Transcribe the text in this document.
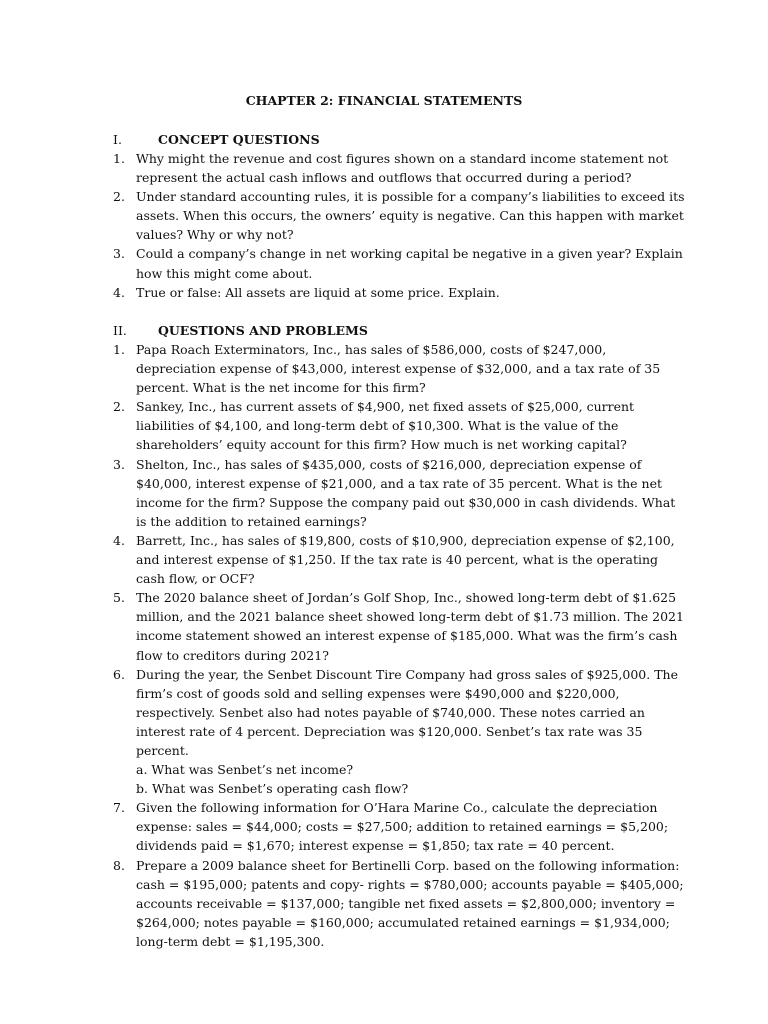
CHAPTER 2: FINANCIAL STATEMENTS
I.	CONCEPT QUESTIONS
1. Why might the revenue and cost figures shown on a standard income statement not represent the actual cash inflows and outflows that occurred during a period?
2. Under standard accounting rules, it is possible for a company’s liabilities to exceed its assets. When this occurs, the owners’ equity is negative. Can this happen with market values? Why or why not?
3. Could a company’s change in net working capital be negative in a given year? Explain how this might come about.
4. True or false: All assets are liquid at some price. Explain.
II. QUESTIONS AND PROBLEMS
1. Papa Roach Exterminators, Inc., has sales of $586,000, costs of $247,000, depreciation expense of $43,000, interest expense of $32,000, and a tax rate of 35 percent. What is the net income for this firm?
2. Sankey, Inc., has current assets of $4,900, net fixed assets of $25,000, current liabilities of $4,100, and long-term debt of $10,300. What is the value of the shareholders’ equity account for this firm? How much is net working capital?
3. Shelton, Inc., has sales of $435,000, costs of $216,000, depreciation expense of $40,000, interest expense of $21,000, and a tax rate of 35 percent. What is the net income for the firm? Suppose the company paid out $30,000 in cash dividends. What is the addition to retained earnings?
4. Barrett, Inc., has sales of $19,800, costs of $10,900, depreciation expense of $2,100, and interest expense of $1,250. If the tax rate is 40 percent, what is the operating cash flow, or OCF?
5. The 2020 balance sheet of Jordan’s Golf Shop, Inc., showed long-term debt of $1.625 million, and the 2021 balance sheet showed long-term debt of $1.73 million. The 2021 income statement showed an interest expense of $185,000. What was the firm’s cash flow to creditors during 2021?
6. During the year, the Senbet Discount Tire Company had gross sales of $925,000. The firm’s cost of goods sold and selling expenses were $490,000 and $220,000, respectively. Senbet also had notes payable of $740,000. These notes carried an interest rate of 4 percent. Depreciation was $120,000. Senbet’s tax rate was 35 percent.
a. What was Senbet’s net income?
b. What was Senbet’s operating cash flow?
7. Given the following information for O’Hara Marine Co., calculate the depreciation expense: sales = $44,000; costs = $27,500; addition to retained earnings = $5,200; dividends paid = $1,670; interest expense = $1,850; tax rate = 40 percent.
8. Prepare a 2009 balance sheet for Bertinelli Corp. based on the following information: cash = $195,000; patents and copy- rights = $780,000; accounts payable = $405,000; accounts receivable = $137,000; tangible net fixed assets = $2,800,000; inventory = $264,000; notes payable = $160,000; accumulated retained earnings = $1,934,000; long-term debt = $1,195,300.
